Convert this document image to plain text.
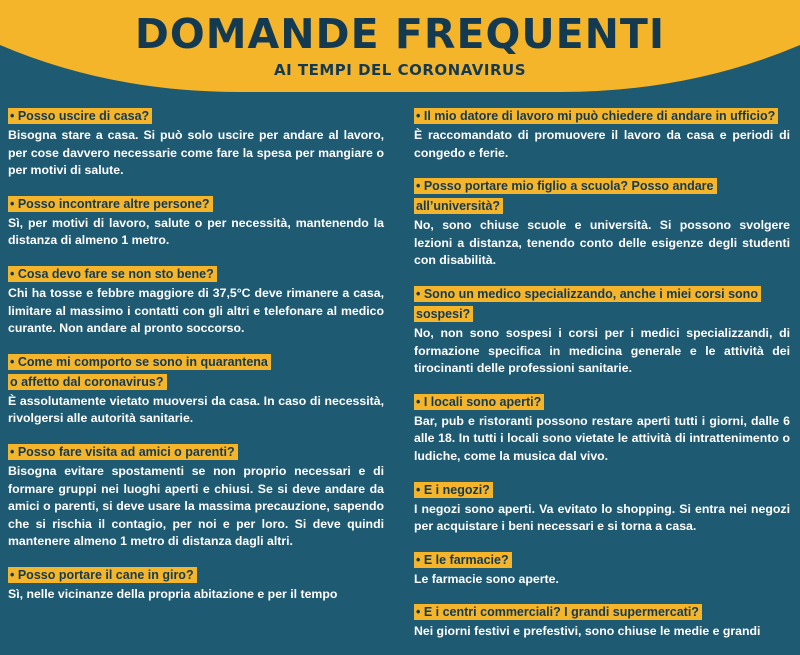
DOMANDE FREQUENTI
AI TEMPI DEL CORONAVIRUS
• Posso uscire di casa?
Bisogna stare a casa. Si può solo uscire per andare al lavoro, per cose davvero necessarie come fare la spesa per mangiare o per motivi di salute.
• Posso incontrare altre persone?
Sì, per motivi di lavoro, salute o per necessità, mantenendo la distanza di almeno 1 metro.
• Cosa devo fare se non sto bene?
Chi ha tosse e febbre maggiore di 37,5°C deve rimanere a casa, limitare al massimo i contatti con gli altri e telefonare al medico curante. Non andare al pronto soccorso.
• Come mi comporto se sono in quarantena o affetto dal coronavirus?
È assolutamente vietato muoversi da casa. In caso di necessità, rivolgersi alle autorità sanitarie.
• Posso fare visita ad amici o parenti?
Bisogna evitare spostamenti se non proprio necessari e di formare gruppi nei luoghi aperti e chiusi. Se si deve andare da amici o parenti, si deve usare la massima precauzione, sapendo che si rischia il contagio, per noi e per loro. Si deve quindi mantenere almeno 1 metro di distanza dagli altri.
• Posso portare il cane in giro?
Sì, nelle vicinanze della propria abitazione e per il tempo
• Il mio datore di lavoro mi può chiedere di andare in ufficio?
È raccomandato di promuovere il lavoro da casa e periodi di congedo e ferie.
• Posso portare mio figlio a scuola? Posso andare all’università?
No, sono chiuse scuole e università. Si possono svolgere lezioni a distanza, tenendo conto delle esigenze degli studenti con disabilità.
• Sono un medico specializzando, anche i miei corsi sono sospesi?
No, non sono sospesi i corsi per i medici specializzandi, di formazione specifica in medicina generale e le attività dei tirocinanti delle professioni sanitarie.
• I locali sono aperti?
Bar, pub e ristoranti possono restare aperti tutti i giorni, dalle 6 alle 18. In tutti i locali sono vietate le attività di intrattenimento o ludiche, come la musica dal vivo.
• E i negozi?
I negozi sono aperti. Va evitato lo shopping. Si entra nei negozi per acquistare i beni necessari e si torna a casa.
• E le farmacie?
Le farmacie sono aperte.
• E i centri commerciali? I grandi supermercati?
Nei giorni festivi e prefestivi, sono chiuse le medie e grandi
